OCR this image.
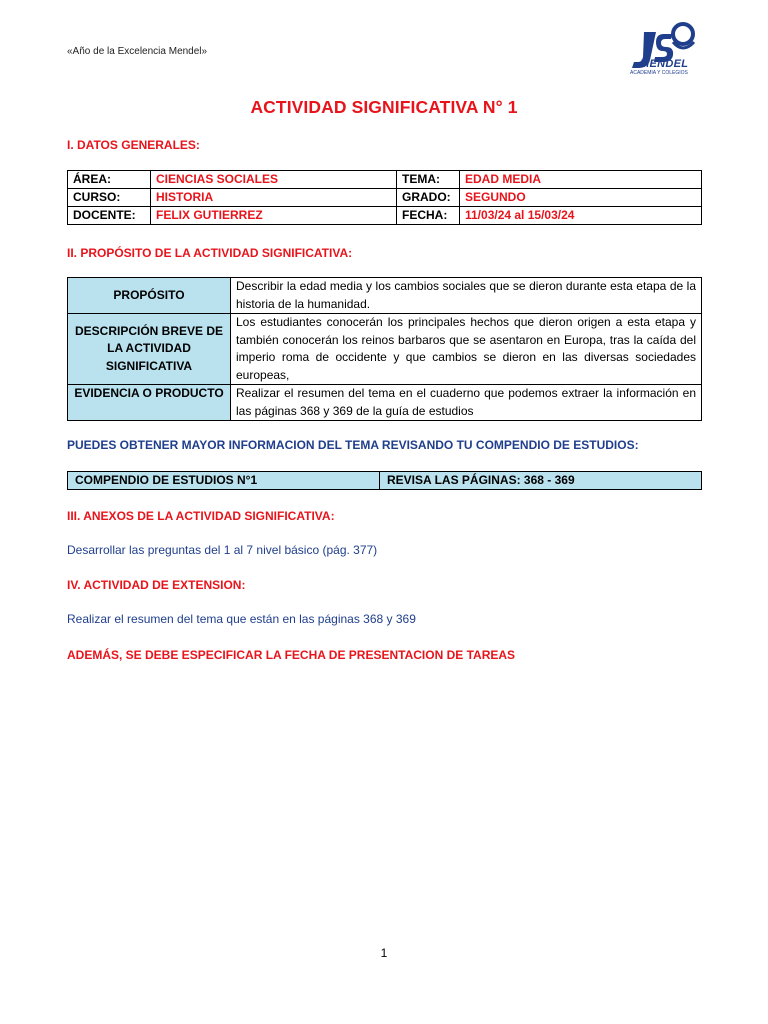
«Año de la Excelencia Mendel»
MENDEL
ACADEMIA Y COLEGIOS
ACTIVIDAD SIGNIFICATIVA N° 1
I. DATOS GENERALES:
ÁREA:	CIENCIAS SOCIALES	TEMA:	EDAD MEDIA
CURSO:	HISTORIA	GRADO:	SEGUNDO
DOCENTE:	FELIX GUTIERREZ	FECHA:	11/03/24 al 15/03/24
II. PROPÓSITO DE LA ACTIVIDAD SIGNIFICATIVA:
PROPÓSITO	Describir la edad media y los cambios sociales que se dieron durante esta etapa de la historia de la humanidad.
DESCRIPCIÓN BREVE DE LA ACTIVIDAD SIGNIFICATIVA	Los estudiantes conocerán los principales hechos que dieron origen a esta etapa y también conocerán los reinos barbaros que se asentaron en Europa, tras la caída del imperio roma de occidente y que cambios se dieron en las diversas sociedades europeas,
EVIDENCIA O PRODUCTO	Realizar el resumen del tema en el cuaderno que podemos extraer la información en las páginas 368 y 369 de la guía de estudios
PUEDES OBTENER MAYOR INFORMACION DEL TEMA REVISANDO TU COMPENDIO DE ESTUDIOS:
COMPENDIO DE ESTUDIOS N°1	REVISA LAS PÁGINAS: 368 - 369
III. ANEXOS DE LA ACTIVIDAD SIGNIFICATIVA:
Desarrollar las preguntas del 1 al 7 nivel básico (pág. 377)
IV. ACTIVIDAD DE EXTENSION:
Realizar el resumen del tema que están en las páginas 368 y 369
ADEMÁS, SE DEBE ESPECIFICAR LA FECHA DE PRESENTACION DE TAREAS
1
